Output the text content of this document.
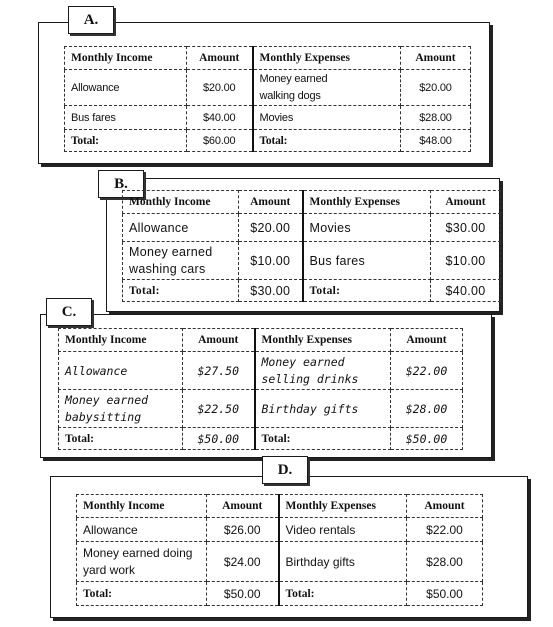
A.
Monthly Income	Amount	Monthly Expenses	Amount
Allowance	$20.00	Money earned walking dogs	$20.00
Bus fares	$40.00	Movies	$28.00
Total:	$60.00	Total:	$48.00
B.
Monthly Income	Amount	Monthly Expenses	Amount
Allowance	$20.00	Movies	$30.00

Money earned washing cars	$10.00	Bus fares	$10.00
Total:	$30.00	Total:	$40.00
C.
Monthly Income	Amount	Monthly Expenses	Amount
Allowance	$27.50	Money earned selling drinks	$22.00

Money earned babysitting	$22.50	Birthday gifts	$28.00
Total:	$50.00	Total:	$50.00
D.
Monthly Income	Amount	Monthly Expenses	Amount
Allowance	$26.00	Video rentals	$22.00

Money earned doing yard work	$24.00	Birthday gifts	$28.00
Total:	$50.00	Total:	$50.00
